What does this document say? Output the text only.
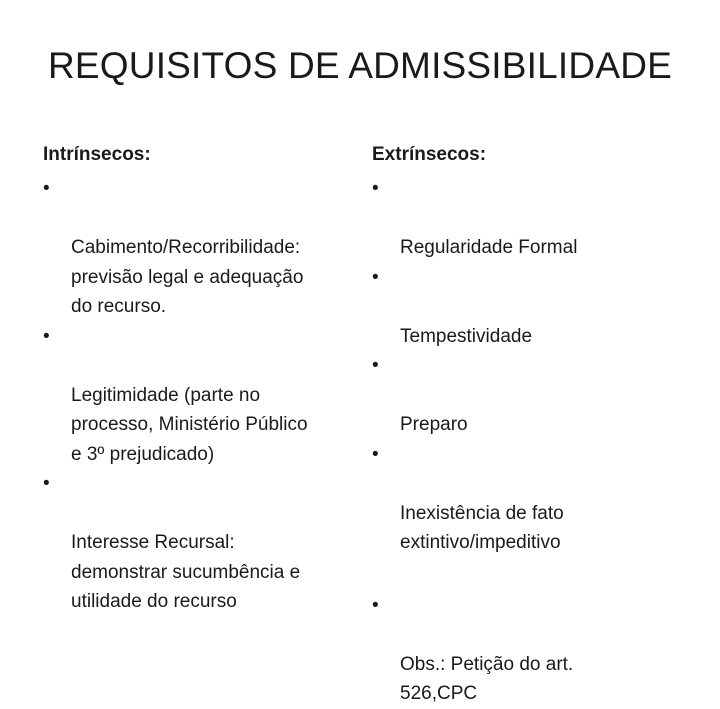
REQUISITOS DE ADMISSIBILIDADE
Intrínsecos:	Extrínsecos:

•

Cabimento/Recorribilidade:
previsão legal e adequação
do recurso.

•

Legitimidade (parte no
processo, Ministério Público
e 3º prejudicado)

•

Interesse Recursal:
demonstrar sucumbência e
utilidade do recurso

•

Regularidade Formal

•

Tempestividade

•

Preparo

•

Inexistência de fato
extintivo/impeditivo

•

Obs.: Petição do art.
526,CPC
